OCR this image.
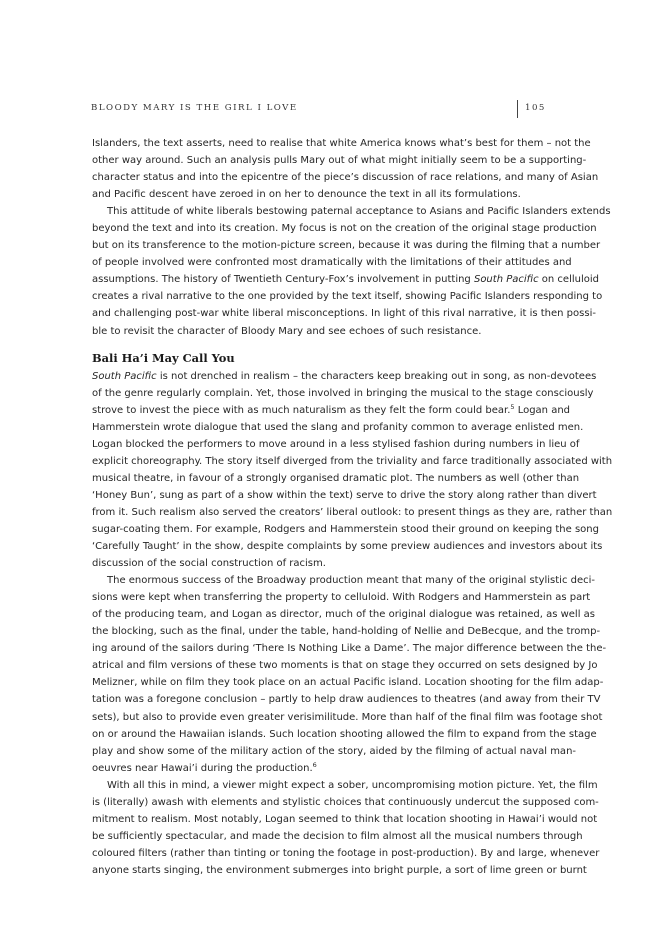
BLOODY MARY IS THE GIRL I LOVE	105
Islanders, the text asserts, need to realise that white America knows what’s best for them – not the
other way around. Such an analysis pulls Mary out of what might initially seem to be a supporting-
character status and into the epicentre of the piece’s discussion of race relations, and many of Asian
and Pacific descent have zeroed in on her to denounce the text in all its formulations.
This attitude of white liberals bestowing paternal acceptance to Asians and Pacific Islanders extends
beyond the text and into its creation. My focus is not on the creation of the original stage production
but on its transference to the motion-picture screen, because it was during the filming that a number
of people involved were confronted most dramatically with the limitations of their attitudes and
assumptions. The history of Twentieth Century-Fox’s involvement in putting South Pacific on celluloid
creates a rival narrative to the one provided by the text itself, showing Pacific Islanders responding to
and challenging post-war white liberal misconceptions. In light of this rival narrative, it is then possi-
ble to revisit the character of Bloody Mary and see echoes of such resistance.
Bali Ha’i May Call You
South Pacific is not drenched in realism – the characters keep breaking out in song, as non-devotees
of the genre regularly complain. Yet, those involved in bringing the musical to the stage consciously
strove to invest the piece with as much naturalism as they felt the form could bear.$^5$ Logan and
Hammerstein wrote dialogue that used the slang and profanity common to average enlisted men.
Logan blocked the performers to move around in a less stylised fashion during numbers in lieu of
explicit choreography. The story itself diverged from the triviality and farce traditionally associated with
musical theatre, in favour of a strongly organised dramatic plot. The numbers as well (other than
‘Honey Bun’, sung as part of a show within the text) serve to drive the story along rather than divert
from it. Such realism also served the creators’ liberal outlook: to present things as they are, rather than
sugar-coating them. For example, Rodgers and Hammerstein stood their ground on keeping the song
‘Carefully Taught’ in the show, despite complaints by some preview audiences and investors about its
discussion of the social construction of racism.
The enormous success of the Broadway production meant that many of the original stylistic deci-
sions were kept when transferring the property to celluloid. With Rodgers and Hammerstein as part
of the producing team, and Logan as director, much of the original dialogue was retained, as well as
the blocking, such as the final, under the table, hand-holding of Nellie and DeBecque, and the tromp-
ing around of the sailors during ‘There Is Nothing Like a Dame’. The major difference between the the-
atrical and film versions of these two moments is that on stage they occurred on sets designed by Jo
Melizner, while on film they took place on an actual Pacific island. Location shooting for the film adap-
tation was a foregone conclusion – partly to help draw audiences to theatres (and away from their TV
sets), but also to provide even greater verisimilitude. More than half of the final film was footage shot
on or around the Hawaiian islands. Such location shooting allowed the film to expand from the stage
play and show some of the military action of the story, aided by the filming of actual naval man-
oeuvres near Hawai’i during the production.$^6$
With all this in mind, a viewer might expect a sober, uncompromising motion picture. Yet, the film
is (literally) awash with elements and stylistic choices that continuously undercut the supposed com-
mitment to realism. Most notably, Logan seemed to think that location shooting in Hawai’i would not
be sufficiently spectacular, and made the decision to film almost all the musical numbers through
coloured filters (rather than tinting or toning the footage in post-production). By and large, whenever
anyone starts singing, the environment submerges into bright purple, a sort of lime green or burnt
